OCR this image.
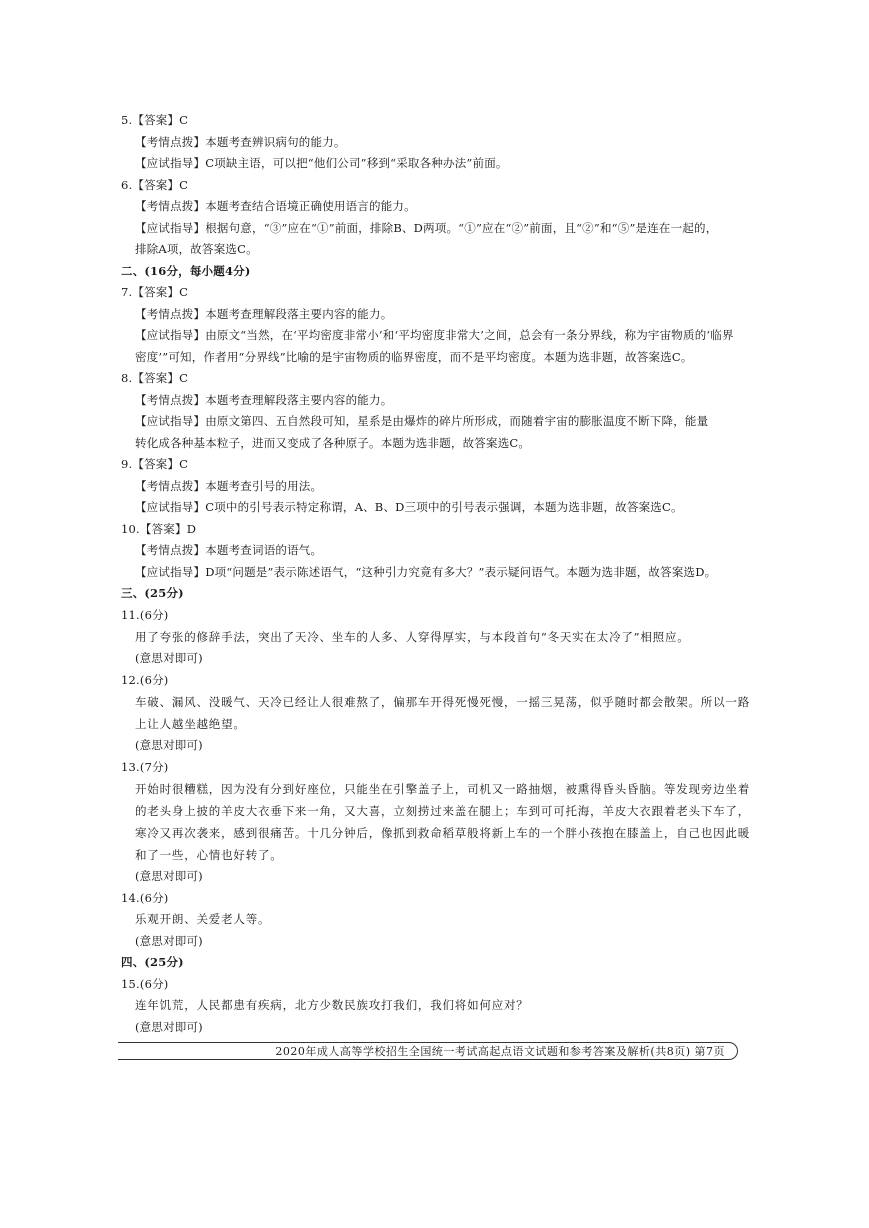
5.【答案】C
【考情点拨】本题考查辨识病句的能力。
【应试指导】C项缺主语，可以把“他们公司”移到“采取各种办法”前面。
6.【答案】C
【考情点拨】本题考查结合语境正确使用语言的能力。
【应试指导】根据句意，“③”应在“①”前面，排除B、D两项。“①”应在“②”前面，且“②”和“⑤”是连在一起的，
排除A项，故答案选C。
二、(16分，每小题4分)
7.【答案】C
【考情点拨】本题考查理解段落主要内容的能力。
【应试指导】由原文“当然，在‘平均密度非常小’和‘平均密度非常大’之间，总会有一条分界线，称为宇宙物质的‘临界
密度’”可知，作者用“分界线”比喻的是宇宙物质的临界密度，而不是平均密度。本题为选非题，故答案选C。
8.【答案】C
【考情点拨】本题考查理解段落主要内容的能力。
【应试指导】由原文第四、五自然段可知，星系是由爆炸的碎片所形成，而随着宇宙的膨胀温度不断下降，能量
转化成各种基本粒子，进而又变成了各种原子。本题为选非题，故答案选C。
9.【答案】C
【考情点拨】本题考查引号的用法。
【应试指导】C项中的引号表示特定称谓，A、B、D三项中的引号表示强调，本题为选非题，故答案选C。
10.【答案】D
【考情点拨】本题考查词语的语气。
【应试指导】D项“问题是”表示陈述语气，“这种引力究竟有多大？”表示疑问语气。本题为选非题，故答案选D。
三、(25分)
11.(6分)
用了夸张的修辞手法，突出了天冷、坐车的人多、人穿得厚实，与本段首句“冬天实在太冷了”相照应。
(意思对即可)
12.(6分)
车破、漏风、没暖气、天冷已经让人很难熬了，偏那车开得死慢死慢，一摇三晃荡，似乎随时都会散架。所以一路上让人越坐越绝望。
(意思对即可)
13.(7分)
开始时很糟糕，因为没有分到好座位，只能坐在引擎盖子上，司机又一路抽烟，被熏得昏头昏脑。等发现旁边坐着的老头身上披的羊皮大衣垂下来一角，又大喜，立刻捞过来盖在腿上；车到可可托海，羊皮大衣跟着老头下车了，寒冷又再次袭来，感到很痛苦。十几分钟后，像抓到救命稻草般将新上车的一个胖小孩抱在膝盖上，自己也因此暖和了一些，心情也好转了。
(意思对即可)
14.(6分)
乐观开朗、关爱老人等。
(意思对即可)
四、(25分)
15.(6分)
连年饥荒，人民都患有疾病，北方少数民族攻打我们，我们将如何应对？
(意思对即可)
2020年成人高等学校招生全国统一考试高起点语文试题和参考答案及解析(共8页) 第7页
